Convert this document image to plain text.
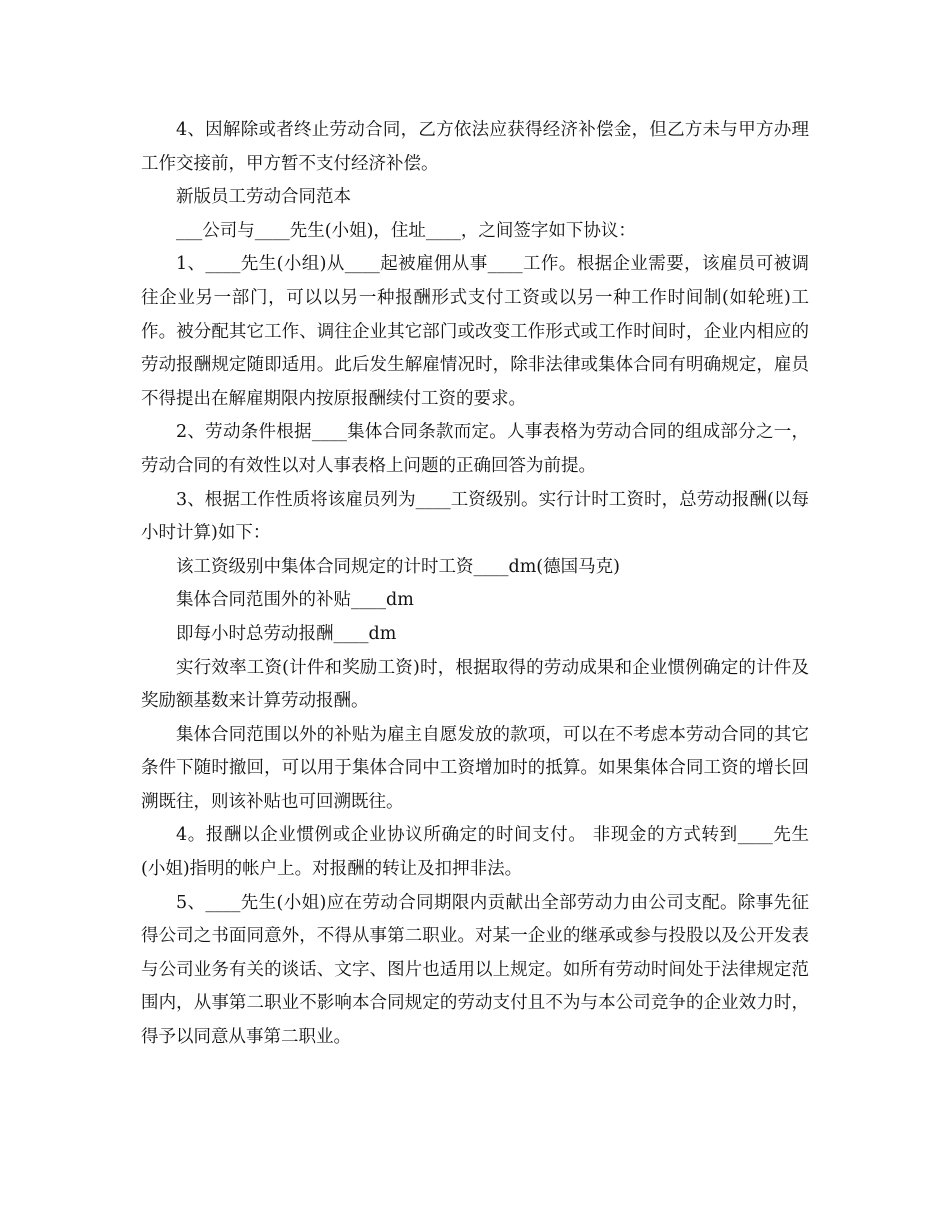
4、因解除或者终止劳动合同，乙方依法应获得经济补偿金，但乙方未与甲方办理工作交接前，甲方暂不支付经济补偿。

新版员工劳动合同范本

___公司与____先生(小姐)，住址____，之间签字如下协议：

1、____先生(小组)从____起被雇佣从事____工作。根据企业需要，该雇员可被调往企业另一部门，可以以另一种报酬形式支付工资或以另一种工作时间制(如轮班)工作。被分配其它工作、调往企业其它部门或改变工作形式或工作时间时，企业内相应的劳动报酬规定随即适用。此后发生解雇情况时，除非法律或集体合同有明确规定，雇员不得提出在解雇期限内按原报酬续付工资的要求。

2、劳动条件根据____集体合同条款而定。人事表格为劳动合同的组成部分之一，劳动合同的有效性以对人事表格上问题的正确回答为前提。

3、根据工作性质将该雇员列为____工资级别。实行计时工资时，总劳动报酬(以每小时计算)如下：

该工资级别中集体合同规定的计时工资____dm(德国马克)

集体合同范围外的补贴____dm

即每小时总劳动报酬____dm

实行效率工资(计件和奖励工资)时，根据取得的劳动成果和企业惯例确定的计件及奖励额基数来计算劳动报酬。

集体合同范围以外的补贴为雇主自愿发放的款项，可以在不考虑本劳动合同的其它条件下随时撤回，可以用于集体合同中工资增加时的抵算。如果集体合同工资的增长回溯既往，则该补贴也可回溯既往。

4。报酬以企业惯例或企业协议所确定的时间支付。 非现金的方式转到____先生(小姐)指明的帐户上。对报酬的转让及扣押非法。

5、____先生(小姐)应在劳动合同期限内贡献出全部劳动力由公司支配。除事先征得公司之书面同意外，不得从事第二职业。对某一企业的继承或参与投股以及公开发表与公司业务有关的谈话、文字、图片也适用以上规定。如所有劳动时间处于法律规定范围内，从事第二职业不影响本合同规定的劳动支付且不为与本公司竞争的企业效力时，得予以同意从事第二职业。
